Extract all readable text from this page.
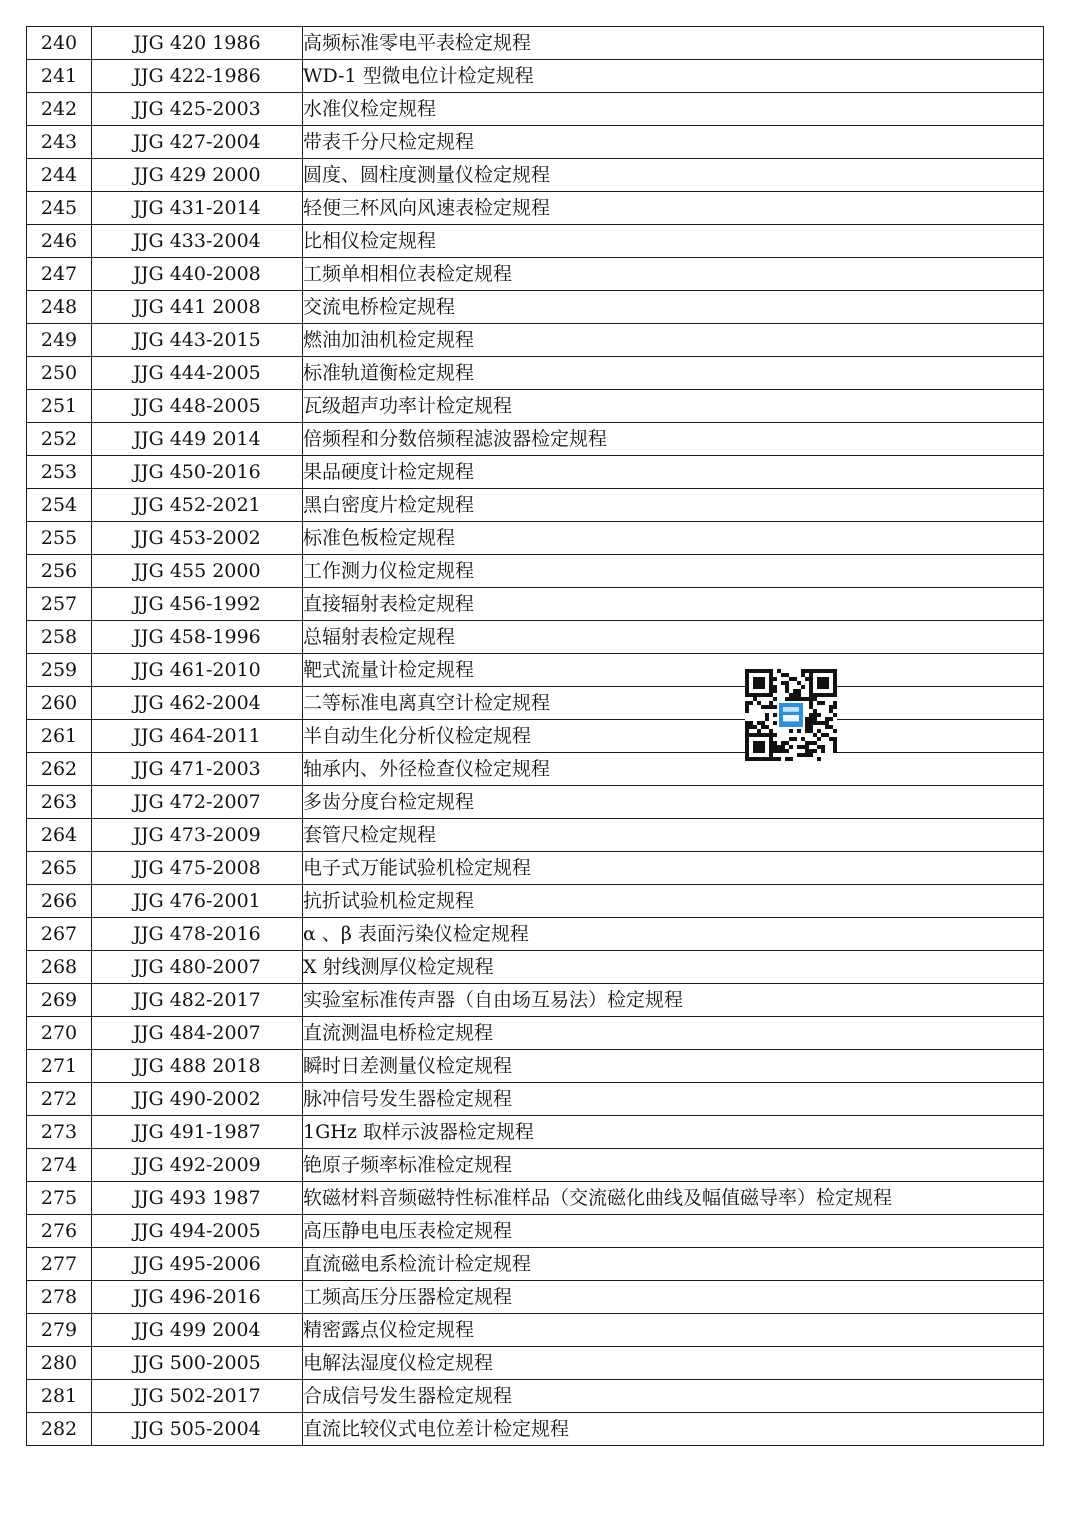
240	JJG 420 1986	高频标准零电平表检定规程
241	JJG 422-1986	WD-1 型微电位计检定规程
242	JJG 425-2003	水准仪检定规程
243	JJG 427-2004	带表千分尺检定规程
244	JJG 429 2000	圆度、圆柱度测量仪检定规程
245	JJG 431-2014	轻便三杯风向风速表检定规程
246	JJG 433-2004	比相仪检定规程
247	JJG 440-2008	工频单相相位表检定规程
248	JJG 441 2008	交流电桥检定规程
249	JJG 443-2015	燃油加油机检定规程
250	JJG 444-2005	标准轨道衡检定规程
251	JJG 448-2005	瓦级超声功率计检定规程
252	JJG 449 2014	倍频程和分数倍频程滤波器检定规程
253	JJG 450-2016	果品硬度计检定规程
254	JJG 452-2021	黑白密度片检定规程
255	JJG 453-2002	标准色板检定规程
256	JJG 455 2000	工作测力仪检定规程
257	JJG 456-1992	直接辐射表检定规程
258	JJG 458-1996	总辐射表检定规程
259	JJG 461-2010	靶式流量计检定规程
260	JJG 462-2004	二等标准电离真空计检定规程
261	JJG 464-2011	半自动生化分析仪检定规程
262	JJG 471-2003	轴承内、外径检查仪检定规程
263	JJG 472-2007	多齿分度台检定规程
264	JJG 473-2009	套管尺检定规程
265	JJG 475-2008	电子式万能试验机检定规程
266	JJG 476-2001	抗折试验机检定规程
267	JJG 478-2016	α 、β 表面污染仪检定规程
268	JJG 480-2007	X 射线测厚仪检定规程
269	JJG 482-2017	实验室标准传声器（自由场互易法）检定规程
270	JJG 484-2007	直流测温电桥检定规程
271	JJG 488 2018	瞬时日差测量仪检定规程
272	JJG 490-2002	脉冲信号发生器检定规程
273	JJG 491-1987	1GHz 取样示波器检定规程
274	JJG 492-2009	铯原子频率标准检定规程
275	JJG 493 1987	软磁材料音频磁特性标准样品（交流磁化曲线及幅值磁导率）检定规程
276	JJG 494-2005	高压静电电压表检定规程
277	JJG 495-2006	直流磁电系检流计检定规程
278	JJG 496-2016	工频高压分压器检定规程
279	JJG 499 2004	精密露点仪检定规程
280	JJG 500-2005	电解法湿度仪检定规程
281	JJG 502-2017	合成信号发生器检定规程
282	JJG 505-2004	直流比较仪式电位差计检定规程
